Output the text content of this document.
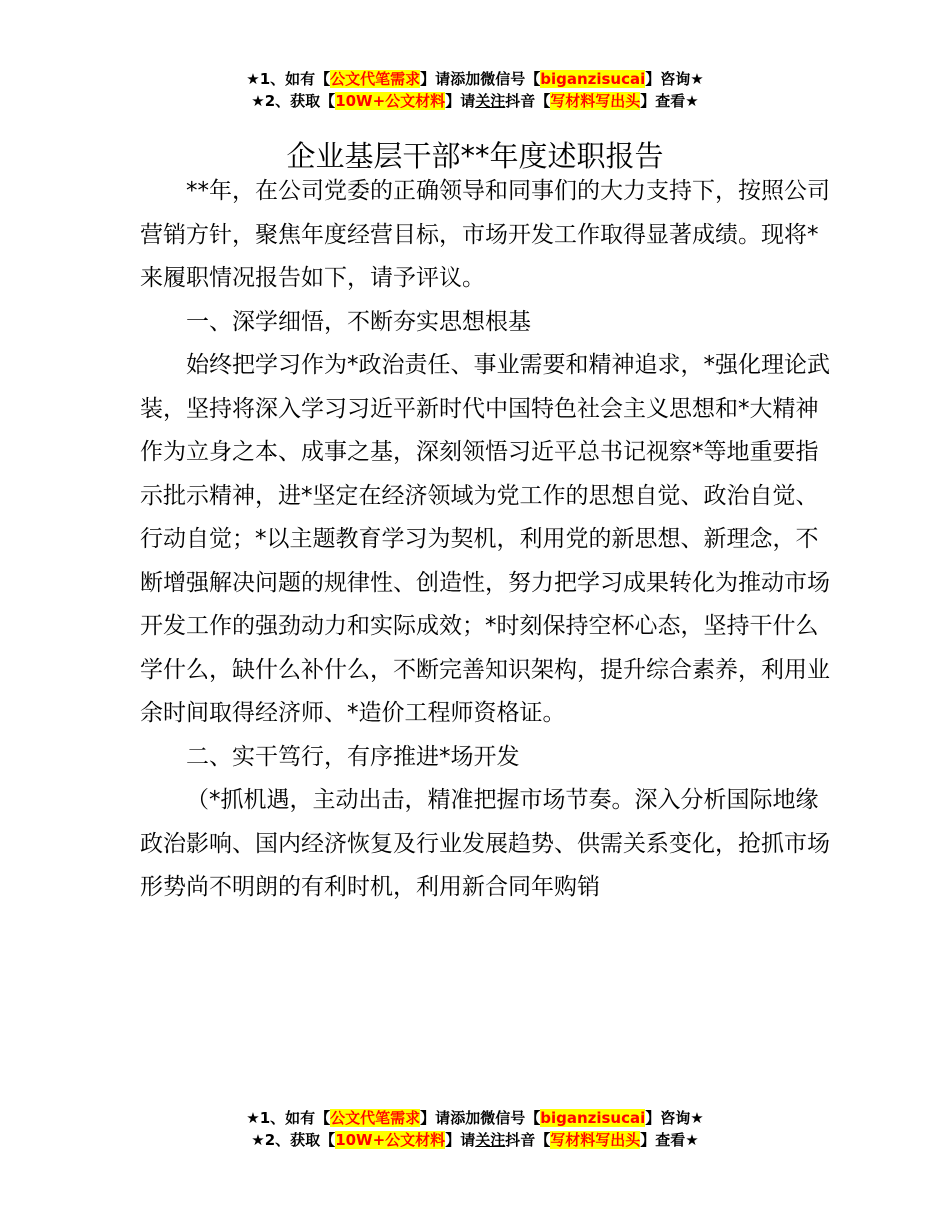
★1、如有【公文代笔需求】请添加微信号【biganzisucai】咨询★
★2、获取【10W+公文材料】请关注抖音【写材料写出头】查看★
企业基层干部**年度述职报告

**年，在公司党委的正确领导和同事们的大力支持下，按照公司营销方针，聚焦年度经营目标，市场开发工作取得显著成绩。现将*来履职情况报告如下，请予评议。

一、深学细悟，不断夯实思想根基

始终把学习作为*政治责任、事业需要和精神追求，*强化理论武装，坚持将深入学习习近平新时代中国特色社会主义思想和*大精神作为立身之本、成事之基，深刻领悟习近平总书记视察*等地重要指示批示精神，进*坚定在经济领域为党工作的思想自觉、政治自觉、行动自觉；*以主题教育学习为契机，利用党的新思想、新理念，不断增强解决问题的规律性、创造性，努力把学习成果转化为推动市场开发工作的强劲动力和实际成效；*时刻保持空杯心态，坚持干什么学什么，缺什么补什么，不断完善知识架构，提升综合素养，利用业余时间取得经济师、*造价工程师资格证。

二、实干笃行，有序推进*场开发

（*抓机遇，主动出击，精准把握市场节奏。深入分析国际地缘政治影响、国内经济恢复及行业发展趋势、供需关系变化，抢抓市场形势尚不明朗的有利时机，利用新合同年购销

★1、如有【公文代笔需求】请添加微信号【biganzisucai】咨询★
★2、获取【10W+公文材料】请关注抖音【写材料写出头】查看★
